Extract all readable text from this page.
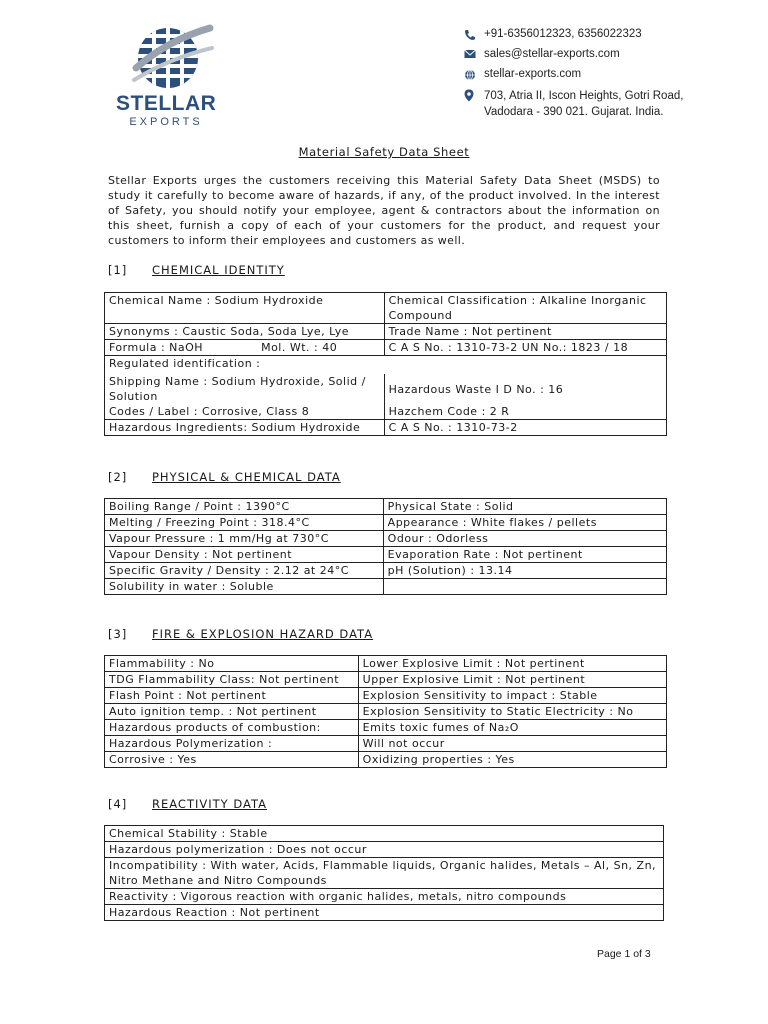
STELLAR
EXPORTS
+91-6356012323, 6356022323
sales@stellar-exports.com
stellar-exports.com
703, Atria II, Iscon Heights, Gotri Road,
Vadodara - 390 021. Gujarat. India.
Material Safety Data Sheet
Stellar Exports urges the customers receiving this Material Safety Data Sheet (MSDS) to study it carefully to become aware of hazards, if any, of the product involved. In the interest of Safety, you should notify your employee, agent & contractors about the information on this sheet, furnish a copy of each of your customers for the product, and request your customers to inform their employees and customers as well.
[1] CHEMICAL IDENTITY
Chemical Name : Sodium Hydroxide	Chemical Classification : Alkaline Inorganic Compound
Synonyms : Caustic Soda, Soda Lye, Lye	Trade Name : Not pertinent
Formula : NaOH Mol. Wt. : 40	C A S No. : 1310-73-2 UN No.: 1823 / 18
Regulated identification :	
Shipping Name : Sodium Hydroxide, Solid / Solution	Hazardous Waste I D No. : 16
Codes / Label : Corrosive, Class 8	Hazchem Code : 2 R
Hazardous Ingredients: Sodium Hydroxide	C A S No. : 1310-73-2
[2] PHYSICAL & CHEMICAL DATA
Boiling Range / Point : 1390°C	Physical State : Solid
Melting / Freezing Point : 318.4°C	Appearance : White flakes / pellets
Vapour Pressure : 1 mm/Hg at 730°C	Odour : Odorless
Vapour Density : Not pertinent	Evaporation Rate : Not pertinent
Specific Gravity / Density : 2.12 at 24°C	pH (Solution) : 13.14
Solubility in water : Soluble	
[3] FIRE & EXPLOSION HAZARD DATA
Flammability : No	Lower Explosive Limit : Not pertinent
TDG Flammability Class: Not pertinent	Upper Explosive Limit : Not pertinent
Flash Point : Not pertinent	Explosion Sensitivity to impact : Stable
Auto ignition temp. : Not pertinent	Explosion Sensitivity to Static Electricity : No
Hazardous products of combustion:	Emits toxic fumes of Na₂O
Hazardous Polymerization :	Will not occur
Corrosive : Yes	Oxidizing properties : Yes
[4] REACTIVITY DATA
Chemical Stability : Stable
Hazardous polymerization : Does not occur
Incompatibility : With water, Acids, Flammable liquids, Organic halides, Metals – Al, Sn, Zn, Nitro Methane and Nitro Compounds
Reactivity : Vigorous reaction with organic halides, metals, nitro compounds
Hazardous Reaction : Not pertinent
Page 1 of 3
